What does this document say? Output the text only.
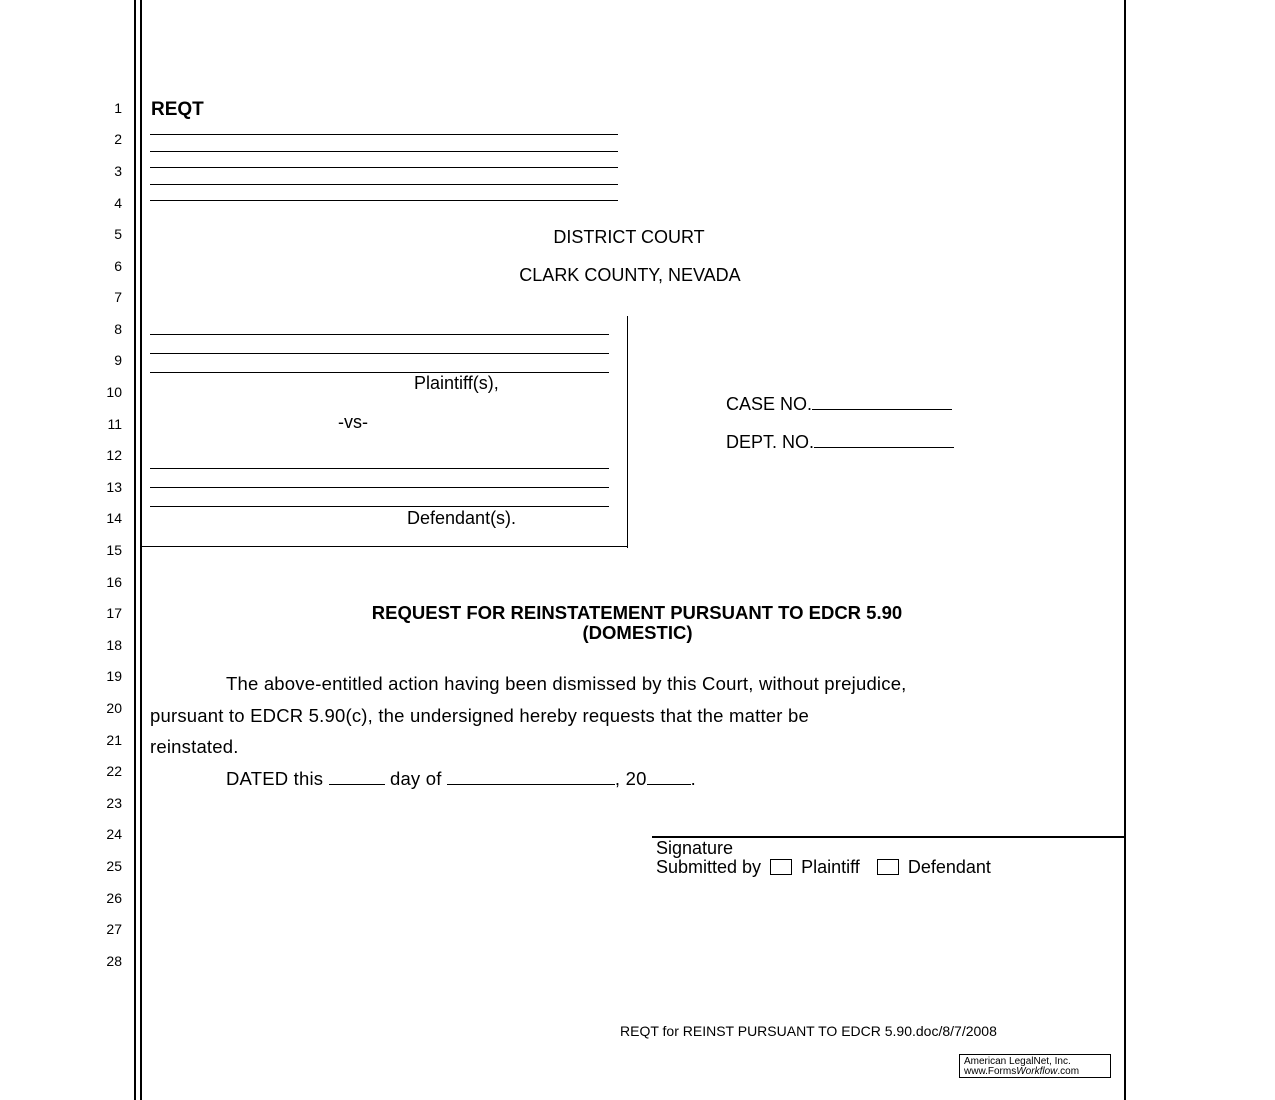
1
2
3
4
5
6
7
8
9
10
11
12
13
14
15
16
17
18
19
20
21
22
23
24
25
26
27
28
REQT
DISTRICT COURT
CLARK COUNTY, NEVADA
Plaintiff(s),
-vs-
Defendant(s).
CASE NO.
DEPT. NO.
REQUEST FOR REINSTATEMENT PURSUANT TO EDCR 5.90
(DOMESTIC)
The above-entitled action having been dismissed by this Court, without prejudice,
pursuant to EDCR 5.90(c), the undersigned hereby requests that the matter be
reinstated.
DATED this	day of	, 20 .
Signature
Submitted by Plaintiff	Defendant
REQT for REINST PURSUANT TO EDCR 5.90.doc/8/7/2008
American LegalNet, Inc.
www.FormsWorkflow.com
